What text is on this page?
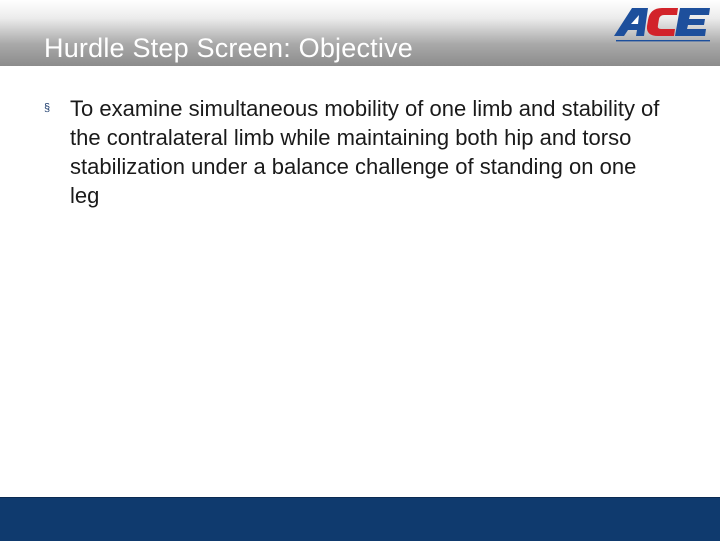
Hurdle Step Screen: Objective
§ To examine simultaneous mobility of one limb and stability of the contralateral limb while maintaining both hip and torso stabilization under a balance challenge of standing on one leg
